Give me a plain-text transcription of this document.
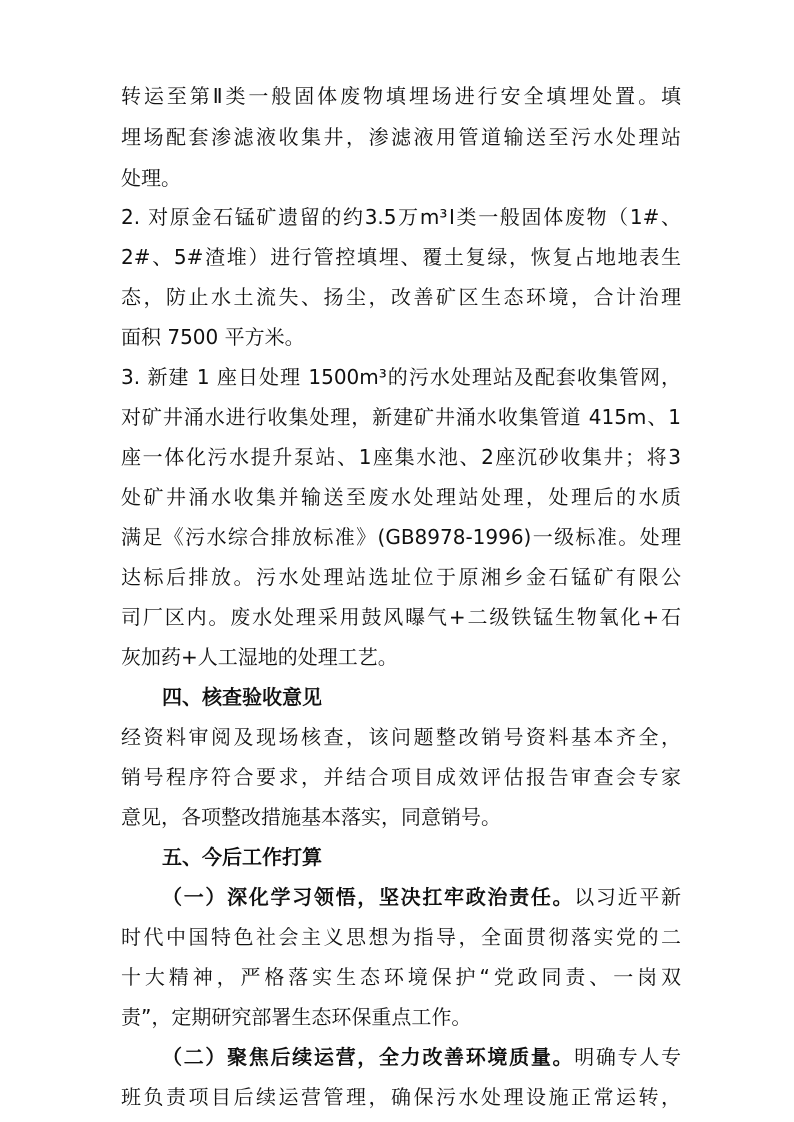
转运至第Ⅱ类一般固体废物填埋场进行安全填埋处置。填
埋场配套渗滤液收集井，渗滤液用管道输送至污水处理站
处理。
2. 对原金石锰矿遗留的约3.5万m³Ⅰ类一般固体废物（1#、
2#、5#渣堆）进行管控填埋、覆土复绿，恢复占地地表生
态，防止水土流失、扬尘，改善矿区生态环境，合计治理
面积 7500 平方米。
3. 新建 1 座日处理 1500m³的污水处理站及配套收集管网，
对矿井涌水进行收集处理，新建矿井涌水收集管道 415m、1
座一体化污水提升泵站、1座集水池、2座沉砂收集井；将3
处矿井涌水收集并输送至废水处理站处理，处理后的水质
满足《污水综合排放标准》(GB8978-1996)一级标准。处理
达标后排放。污水处理站选址位于原湘乡金石锰矿有限公
司厂区内。废水处理采用鼓风曝气+二级铁锰生物氧化+石
灰加药+人工湿地的处理工艺。
四、核查验收意见
经资料审阅及现场核查，该问题整改销号资料基本齐全，
销号程序符合要求，并结合项目成效评估报告审查会专家
意见，各项整改措施基本落实，同意销号。
五、今后工作打算
（一）深化学习领悟，坚决扛牢政治责任。以习近平新
时代中国特色社会主义思想为指导，全面贯彻落实党的二
十大精神，严格落实生态环境保护“党政同责、一岗双
责”，定期研究部署生态环保重点工作。
（二）聚焦后续运营，全力改善环境质量。明确专人专
班负责项目后续运营管理，确保污水处理设施正常运转，
